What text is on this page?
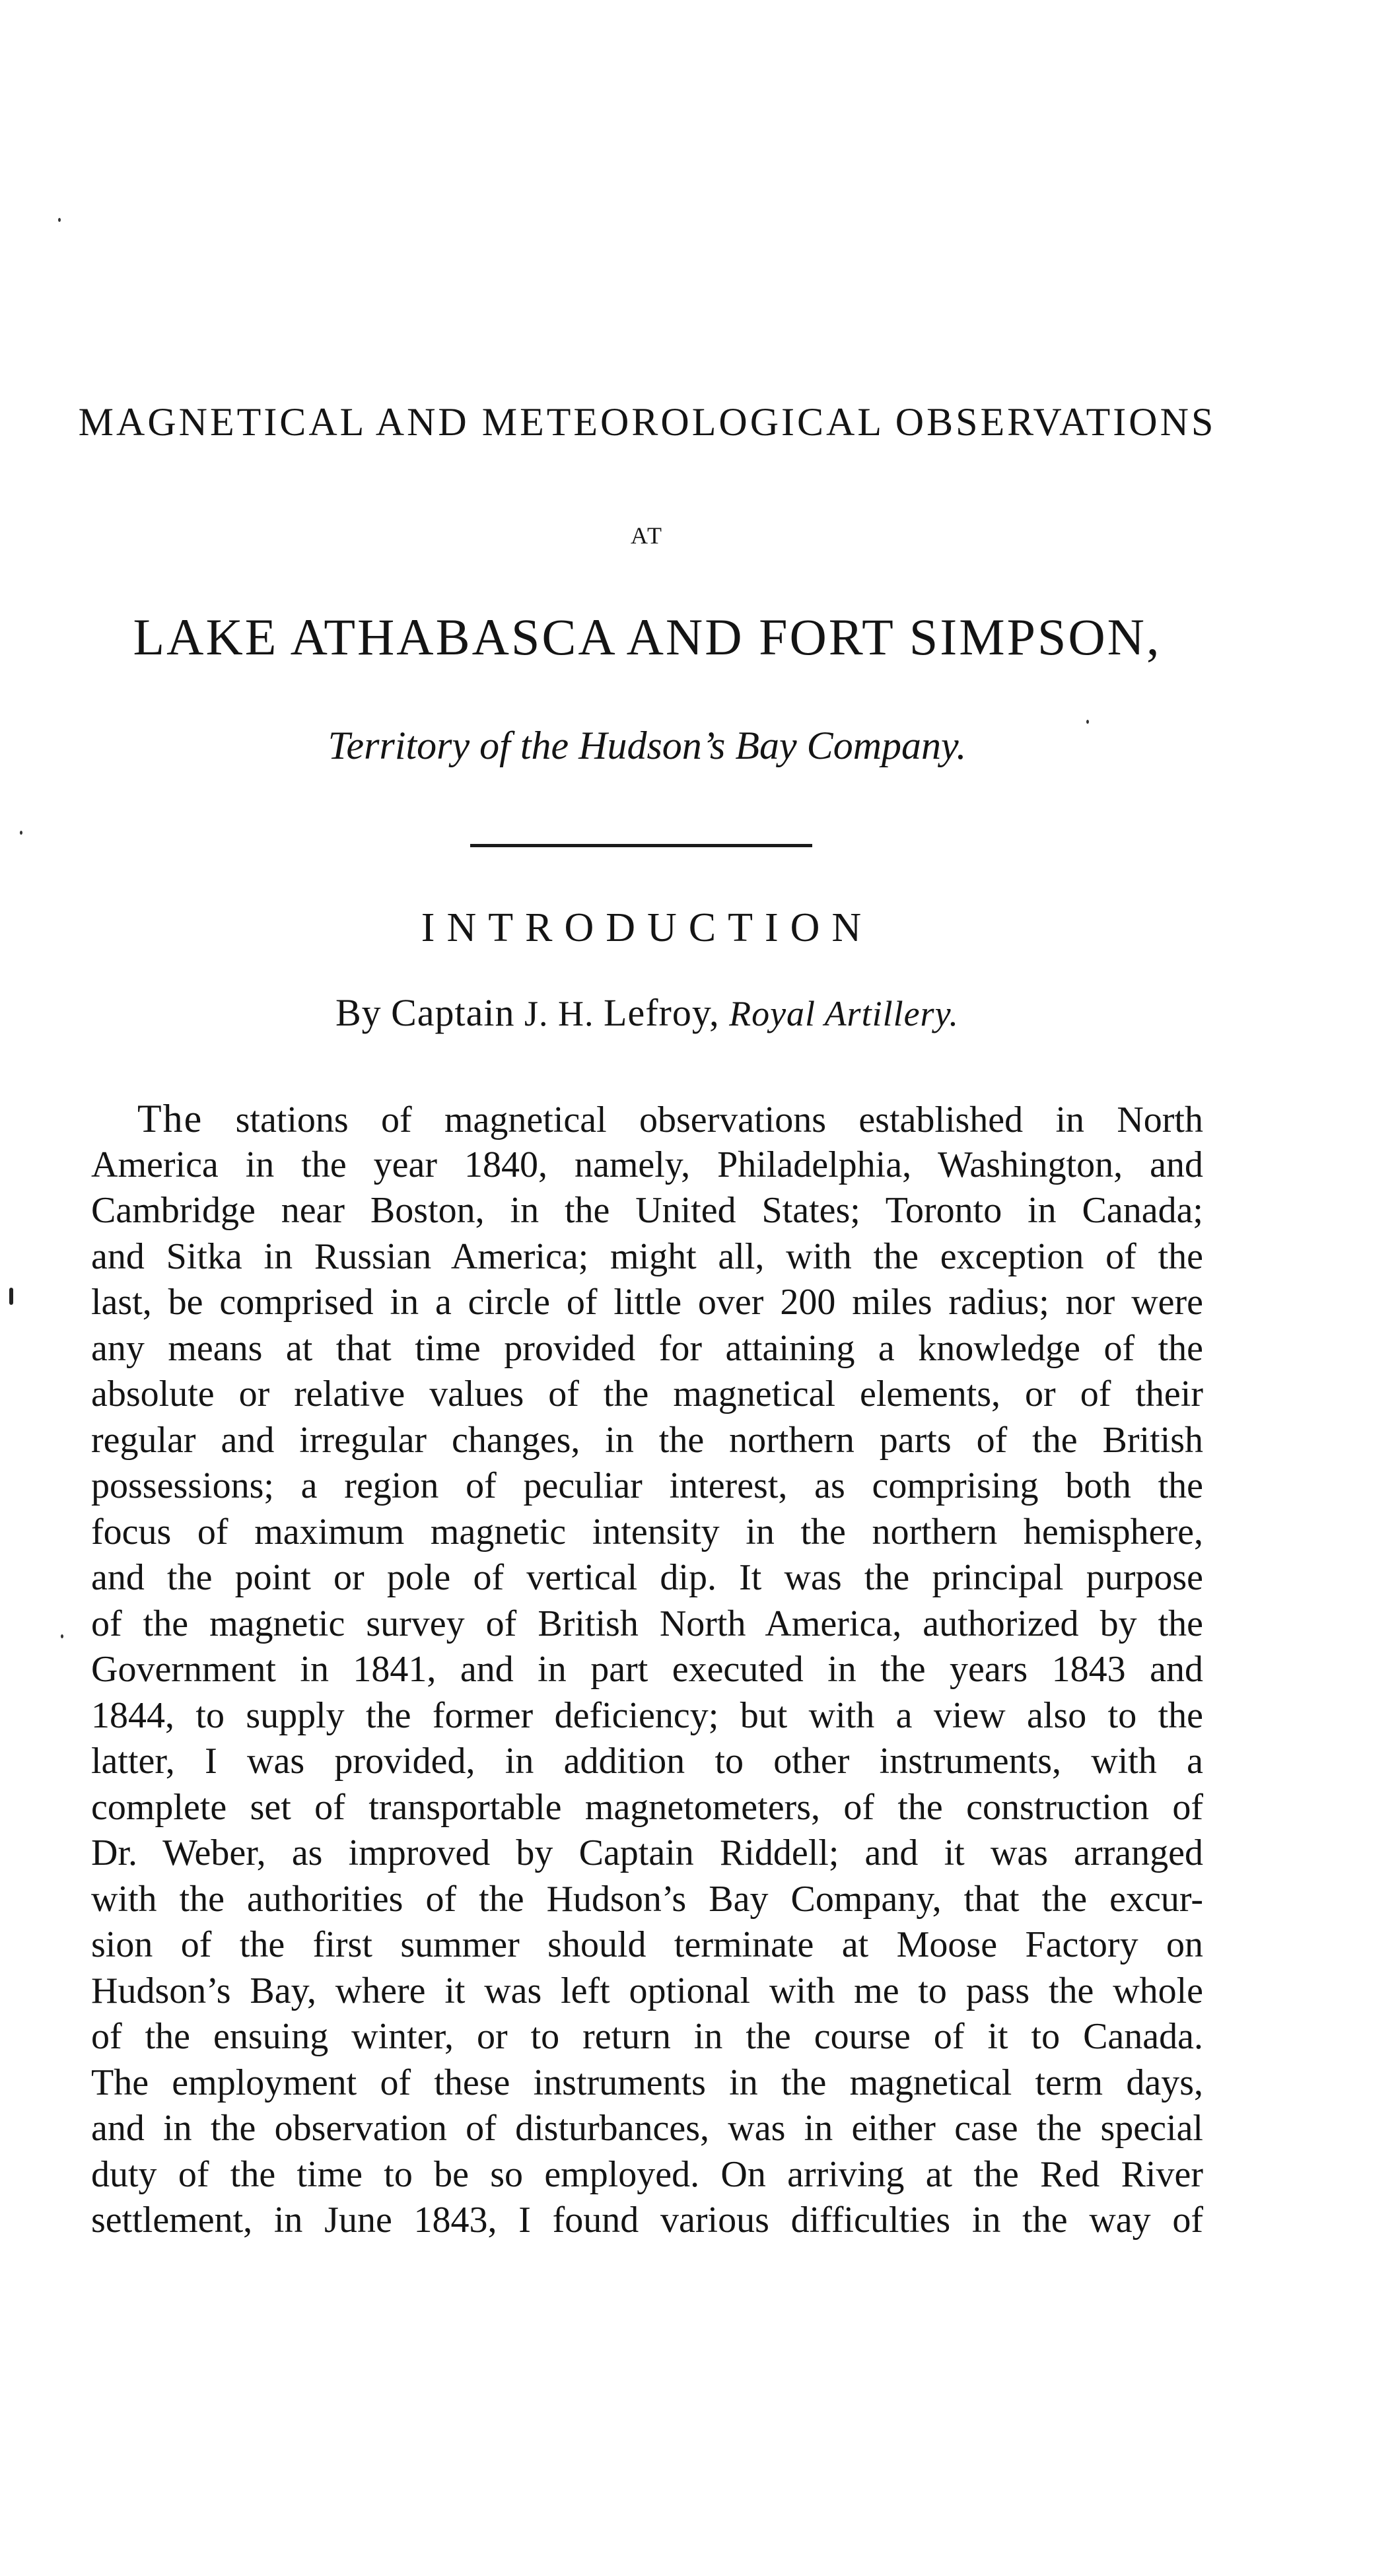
MAGNETICAL AND METEOROLOGICAL OBSERVATIONS
AT
LAKE ATHABASCA AND FORT SIMPSON,
Territory of the Hudson’s Bay Company.
INTRODUCTION
By Captain J. H. Lefroy, Royal Artillery.
The stations of magnetical observations established in North
America in the year 1840, namely, Philadelphia, Washington, and
Cambridge near Boston, in the United States; Toronto in Canada;
and Sitka in Russian America; might all, with the exception of the
last, be comprised in a circle of little over 200 miles radius; nor were
any means at that time provided for attaining a knowledge of the
absolute or relative values of the magnetical elements, or of their
regular and irregular changes, in the northern parts of the British
possessions; a region of peculiar interest, as comprising both the
focus of maximum magnetic intensity in the northern hemisphere,
and the point or pole of vertical dip. It was the principal purpose
of the magnetic survey of British North America, authorized by the
Government in 1841, and in part executed in the years 1843 and
1844, to supply the former deficiency; but with a view also to the
latter, I was provided, in addition to other instruments, with a
complete set of transportable magnetometers, of the construction of
Dr. Weber, as improved by Captain Riddell; and it was arranged
with the authorities of the Hudson’s Bay Company, that the excur-
sion of the first summer should terminate at Moose Factory on
Hudson’s Bay, where it was left optional with me to pass the whole
of the ensuing winter, or to return in the course of it to Canada.
The employment of these instruments in the magnetical term days,
and in the observation of disturbances, was in either case the special
duty of the time to be so employed. On arriving at the Red River
settlement, in June 1843, I found various difficulties in the way of
